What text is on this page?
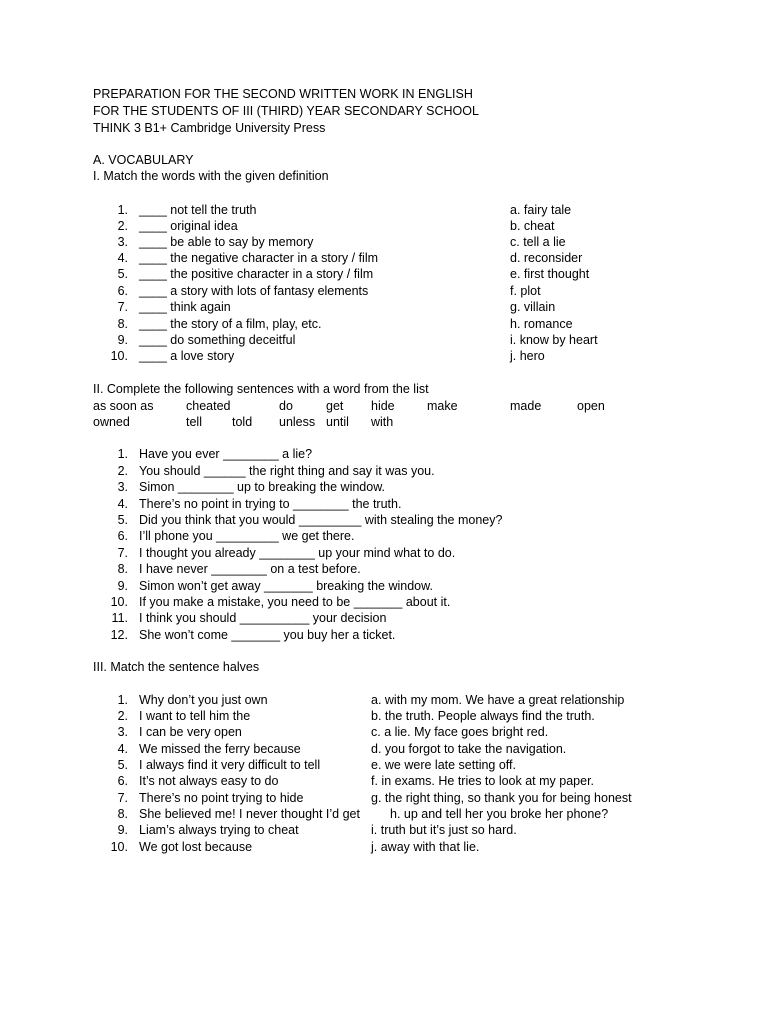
PREPARATION FOR THE SECOND WRITTEN WORK IN ENGLISH
FOR THE STUDENTS OF III (THIRD) YEAR SECONDARY SCHOOL
THINK 3 B1+ Cambridge University Press
A. VOCABULARY
I. Match the words with the given definition
1. ____ not tell the truth	a. fairy tale
2. ____ original idea	b. cheat
3. ____ be able to say by memory	c. tell a lie
4. ____ the negative character in a story / film	d. reconsider
5. ____ the positive character in a story / film	e. first thought
6. ____ a story with lots of fantasy elements	f. plot
7. ____ think again	g. villain
8. ____ the story of a film, play, etc.	h. romance
9. ____ do something deceitful	i. know by heart
10. ____ a love story	j. hero
II. Complete the following sentences with a word from the list
as soon as	cheated	do	get hide	make	made	open
owned	tell told unless until with
1. Have you ever ________ a lie?
2. You should ______ the right thing and say it was you.
3. Simon ________ up to breaking the window.
4. There’s no point in trying to ________ the truth.
5. Did you think that you would _________ with stealing the money?
6. I’ll phone you _________ we get there.
7. I thought you already ________ up your mind what to do.
8. I have never ________ on a test before.
9. Simon won’t get away _______ breaking the window.
10. If you make a mistake, you need to be _______ about it.
11. I think you should __________ your decision
12. She won’t come _______ you buy her a ticket.
III. Match the sentence halves
1. Why don’t you just own	a. with my mom. We have a great relationship
2. I want to tell him the	b. the truth. People always find the truth.
3. I can be very open	c. a lie. My face goes bright red.
4. We missed the ferry because	d. you forgot to take the navigation.
5. I always find it very difficult to tell	e. we were late setting off.
6. It’s not always easy to do	f. in exams. He tries to look at my paper.
7. There’s no point trying to hide	g. the right thing, so thank you for being honest
8. She believed me! I never thought I’d get h. up and tell her you broke her phone?
9. Liam’s always trying to cheat	i. truth but it’s just so hard.
10. We got lost because	j. away with that lie.
